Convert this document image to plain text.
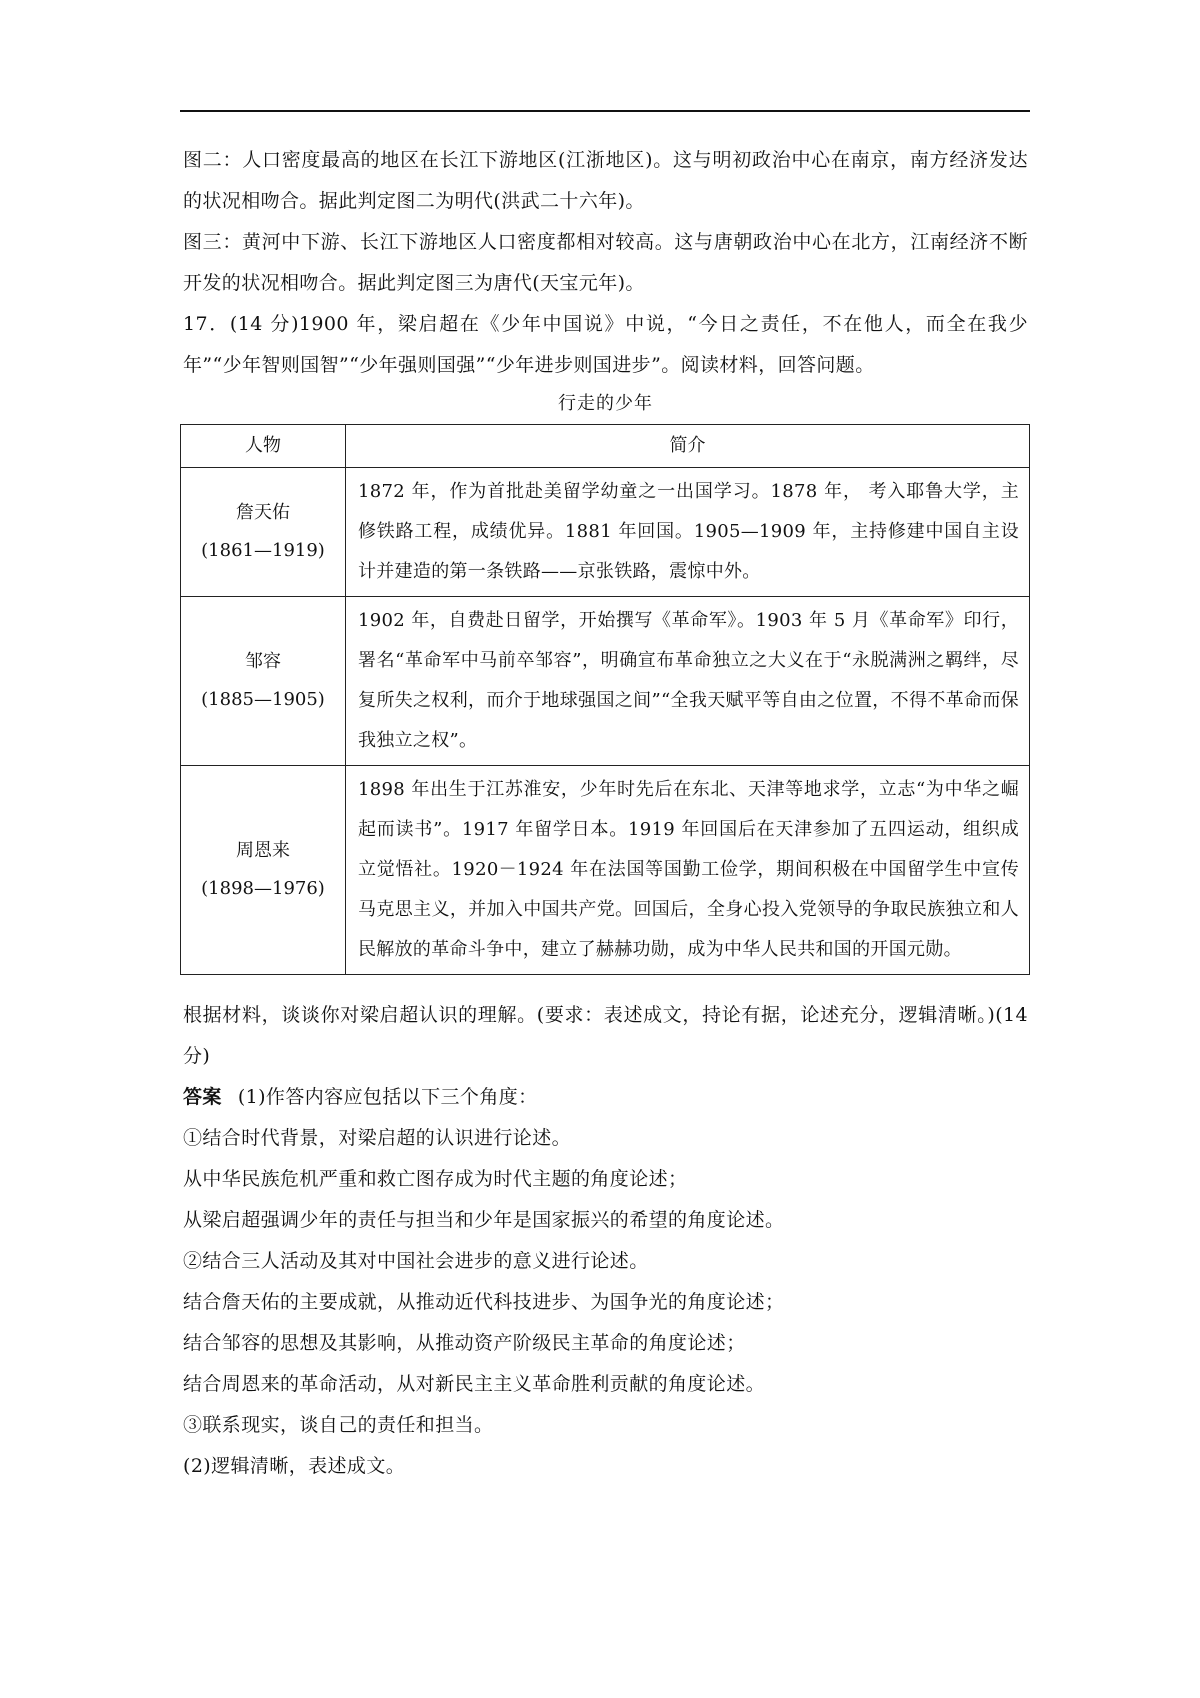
图二：人口密度最高的地区在长江下游地区(江浙地区)。这与明初政治中心在南京，南方经济发达的状况相吻合。据此判定图二为明代(洪武二十六年)。

图三：黄河中下游、长江下游地区人口密度都相对较高。这与唐朝政治中心在北方，江南经济不断开发的状况相吻合。据此判定图三为唐代(天宝元年)。

17．(14 分)1900 年，梁启超在《少年中国说》中说，“今日之责任，不在他人，而全在我少年”“少年智则国智”“少年强则国强”“少年进步则国进步”。阅读材料，回答问题。

行走的少年
人物	简介

詹天佑
(1861—1919)	1872 年，作为首批赴美留学幼童之一出国学习。1878 年， 考入耶鲁大学，主修铁路工程，成绩优异。1881 年回国。1905—1909 年，主持修建中国自主设计并建造的第一条铁路——京张铁路，震惊中外。

邹容
(1885—1905)	1902 年，自费赴日留学，开始撰写《革命军》。1903 年 5 月《革命军》印行，署名“革命军中马前卒邹容”，明确宣布革命独立之大义在于“永脱满洲之羁绊，尽复所失之权利，而介于地球强国之间”“全我天赋平等自由之位置，不得不革命而保我独立之权”。

周恩来
(1898—1976)	1898 年出生于江苏淮安，少年时先后在东北、天津等地求学，立志“为中华之崛起而读书”。1917 年留学日本。1919 年回国后在天津参加了五四运动，组织成立觉悟社。1920－1924 年在法国等国勤工俭学，期间积极在中国留学生中宣传马克思主义，并加入中国共产党。回国后，全身心投入党领导的争取民族独立和人民解放的革命斗争中，建立了赫赫功勋，成为中华人民共和国的开国元勋。

根据材料，谈谈你对梁启超认识的理解。(要求：表述成文，持论有据，论述充分，逻辑清晰。)(14 分)

答案 (1)作答内容应包括以下三个角度：

①结合时代背景，对梁启超的认识进行论述。

从中华民族危机严重和救亡图存成为时代主题的角度论述；

从梁启超强调少年的责任与担当和少年是国家振兴的希望的角度论述。

②结合三人活动及其对中国社会进步的意义进行论述。

结合詹天佑的主要成就，从推动近代科技进步、为国争光的角度论述；

结合邹容的思想及其影响，从推动资产阶级民主革命的角度论述；

结合周恩来的革命活动，从对新民主主义革命胜利贡献的角度论述。

③联系现实，谈自己的责任和担当。

(2)逻辑清晰，表述成文。
